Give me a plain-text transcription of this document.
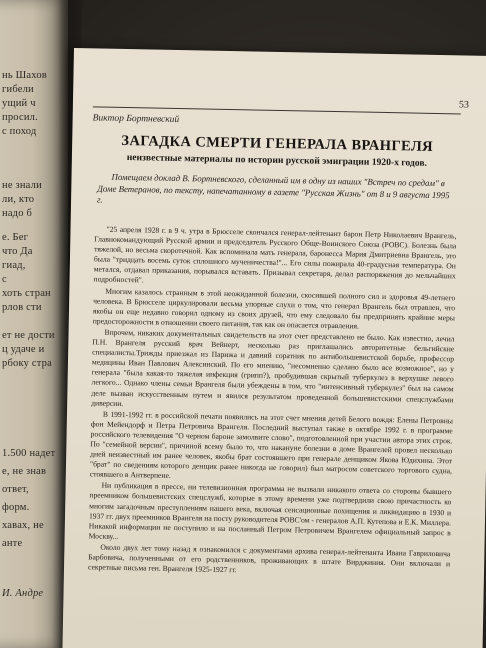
нь Шахов
гибели
ущий ч
просил.
с поход
не знали
ли, кто
надо б
е. Бег
что Да
гиад,
с
хоть стран
рлов сти
ет не дости
ц удаче и
рбоку стра
1.500 надет
е, не знав
ответ,
форм.
хавах, не
анте
И. Андре
53
Виктор Бортневский
ЗАГАДКА СМЕРТИ ГЕНЕРАЛА ВРАНГЕЛЯ
неизвестные материалы по истории русской эмиграции 1920-х годов.
Помещаем доклад В. Бортневского, сделанный им в одну из наших "Встреч по средам" в Доме Ветеранов, по тексту, напечатанному в газете "Русская Жизнь" от 8 и 9 августа 1995 г.

"25 апреля 1928 г. в 9 ч. утра в Брюсселе скончался генерал-лейтенант барон Петр Николаевич Врангель, Главнокомандующий Русской армии и председатель Русского Обще-Воинского Союза (РОВС). Болезнь была тяжелой, но весьма скоротечной. Как вспоминала мать генерала, баронесса Мария Дмитриевна Врангель, это была "тридцать восемь суток сплошного мученичества!"... Его силы пожирала 40-градусная температура. Он метался, отдавал приказания, порывался вставать. Призывал секретаря, делал распоряжения до мельчайших подробностей".

Многим казалось странным в этой неожиданной болезни, скосившей полного сил и здоровья 49-летнего человека. В Брюсселе циркулировали весьма упорные слухи о том, что генерал Врангель был отравлен, что якобы он еще недавно говорил одному из своих друзей, что ему следовало бы предпринять крайние меры предосторожности в отношении своего питания, так как он опасается отравления.

Впрочем, никаких документальных свидетельств на этот счет представлено не было. Как известно, лечил П.Н. Врангеля русский врач Вейнерт, несколько раз приглашались авторитетные бельгийские специалисты.Трижды приезжал из Парижа и давний соратник по антибольшевистской борьбе, профессор медицины Иван Павлович Алексинский. По его мнению, "несомненно сделано было все возможное", но у генерала "была какая-то тяжелая инфекция (грипп?), пробудившая скрытый туберкулез в верхушке левого легкого... Однако члены семьи Врангеля были убеждены в том, что "интенсивный туберкулез" был на самом деле вызван искусственным путем и явился результатом проведенной большевистскими спецслужбами диверсии.

В 1991-1992 гг. в российской печати появились на этот счет мнения детей Белого вождя: Елены Петровны фон Мейендорф и Петра Петровича Врангеля. Последний выступал также в октябре 1992 г. в программе российского телевидения "О черном бароне замолвите слово", подготовленной при участии автора этих строк. По "семейной версии", причиной всему было то, что накануне болезни в доме Врангелей провел несколько дней неизвестный им ранее человек, якобы брат состоявшего при генерале денщиком Якова Юдихина. Этот "брат" по сведениям которого денщик ранее никогда не говорил) был матросом советского торгового судна, стоявшего в Антверпене.

Ни публикация в прессе, ни телевизионная программа не вызвали никакого ответа со стороны бывшего преемником большевистских спецслужб, которые в этому времени уже подтвердили свою причастность ко многим загадочным преступлениям нашего века, включая сенсационные похищения и ликвидацию в 1930 и 1937 гг. двух преемников Врангеля на посту руководителя РОВС'ом - генералов А.П. Кутепова и Е.К. Миллера. Никакой информации не поступило и на посланный Петром Петровичем Врангелем официальный запрос в Москву...

Около двух лет тому назад я ознакомился с документами архива генерал-лейтенанта Ивана Гавриловича Барбовича, полученными от его родственников, проживающих в штате Вирджиния. Они включали и секретные письма ген. Врангеля 1925-1927 гг.
